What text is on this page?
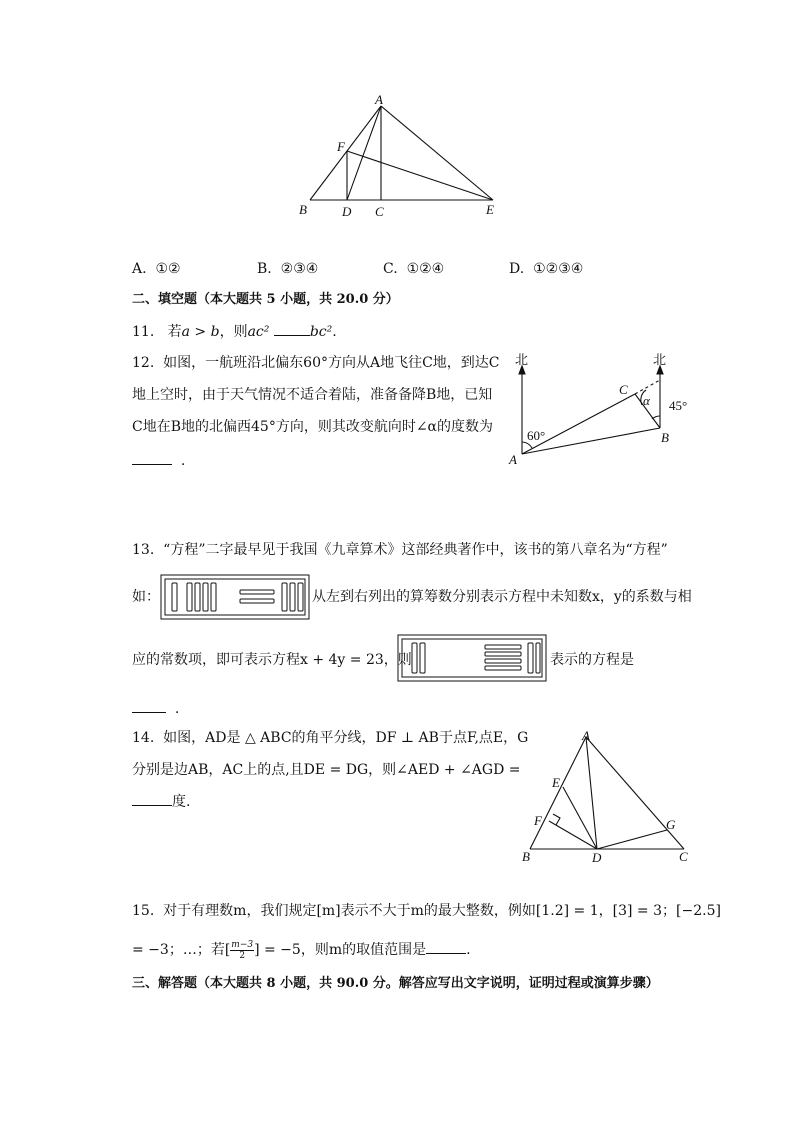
A
F
B	D C	E
A. ①②	B. ②③④	C. ①②④	D. ①②③④
二、填空题（本大题共 5 小题，共 20.0 分）
11. 若a > b，则ac²	bc².
12. 如图，一航班沿北偏东60°方向从A地飞往C地，到达C
地上空时，由于天气情况不适合着陆，准备备降B地，已知
C地在B地的北偏西45°方向，则其改变航向时∠α的度数为
.
北	北
60°
45°
α
A
B
C
13. “方程”二字最早见于我国《九章算术》这部经典著作中，该书的第八章名为“方程”
如：	从左到右列出的算筹数分别表示方程中未知数x，y的系数与相
应的常数项，即可表示方程x + 4y = 23，则	表示的方程是
.
14. 如图，AD是 △ ABC的角平分线，DF ⊥ AB于点F,点E，G
分别是边AB，AC上的点,且DE = DG，则∠AED + ∠AGD =
度.
A
E
F
B	D	C
G
15. 对于有理数m，我们规定[m]表示不大于m的最大整数，例如[1.2] = 1，[3] = 3；[−2.5]
= −3；…；若[ $\frac{m-3}{2}$ ] = −5，则m的取值范围是	.
三、解答题（本大题共 8 小题，共 90.0 分。解答应写出文字说明，证明过程或演算步骤）
